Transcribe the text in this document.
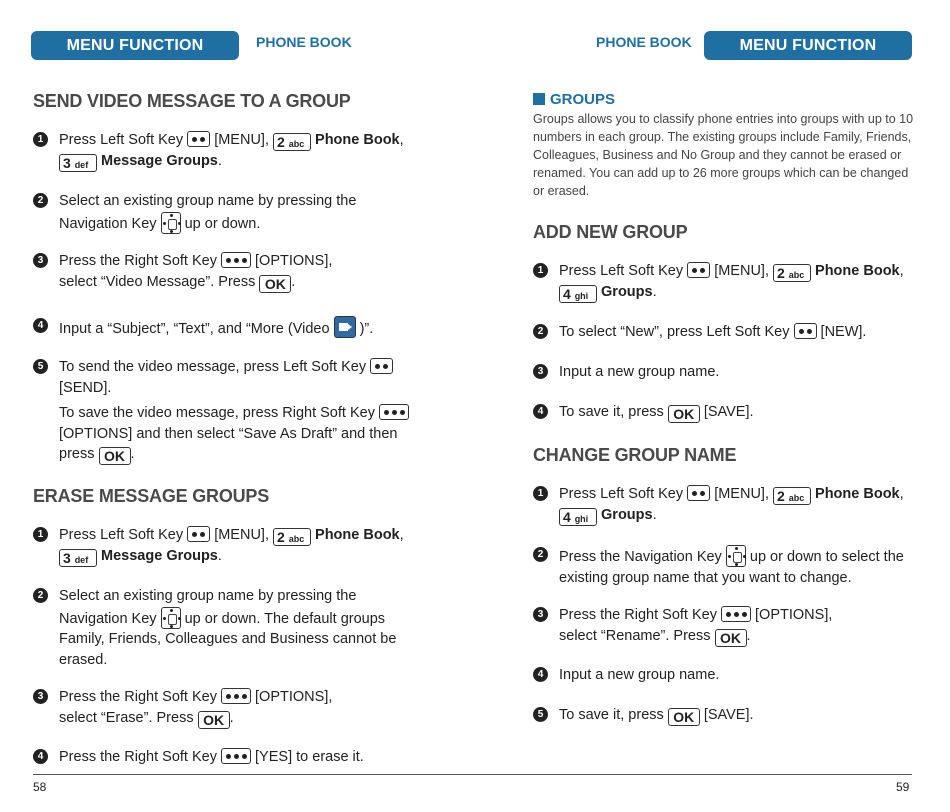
MENU FUNCTION	PHONE BOOK
SEND VIDEO MESSAGE TO A GROUP
1	Press Left Soft Key [MENU], 2 abc Phone Book,
3 def Message Groups.
2	Select an existing group name by pressing the
Navigation Key up or down.
3	Press the Right Soft Key	[OPTIONS],
select “Video Message”. Press OK .
4	Input a “Subject”, “Text”, and “More (Video )”.
5	To send the video message, press Left Soft Key

[SEND].
To save the video message, press Right Soft Key

[OPTIONS] and then select “Save As Draft” and then
press OK .
ERASE MESSAGE GROUPS
1	Press Left Soft Key [MENU], 2 abc Phone Book,
3 def Message Groups.
2	Select an existing group name by pressing the
Navigation Key up or down. The default groups
Family, Friends, Colleagues and Business cannot be
erased.
3	Press the Right Soft Key	[OPTIONS],
select “Erase”. Press OK .
4	Press the Right Soft Key	[YES] to erase it.
58
PHONE BOOK	MENU FUNCTION
GROUPS
Groups allows you to classify phone entries into groups with up to 10
numbers in each group. The existing groups include Family, Friends,
Colleagues, Business and No Group and they cannot be erased or
renamed. You can add up to 26 more groups which can be changed
or erased.
ADD NEW GROUP
1	Press Left Soft Key [MENU], 2 abc Phone Book,
4 ghi Groups.
2	To select “New”, press Left Soft Key [NEW].
3	Input a new group name.
4	To save it, press OK [SAVE].
CHANGE GROUP NAME
1	Press Left Soft Key [MENU], 2 abc Phone Book,
4 ghi Groups.
2	Press the Navigation Key up or down to select the
existing group name that you want to change.
3	Press the Right Soft Key	[OPTIONS],
select “Rename”. Press OK .
4	Input a new group name.
5	To save it, press OK [SAVE].
59
